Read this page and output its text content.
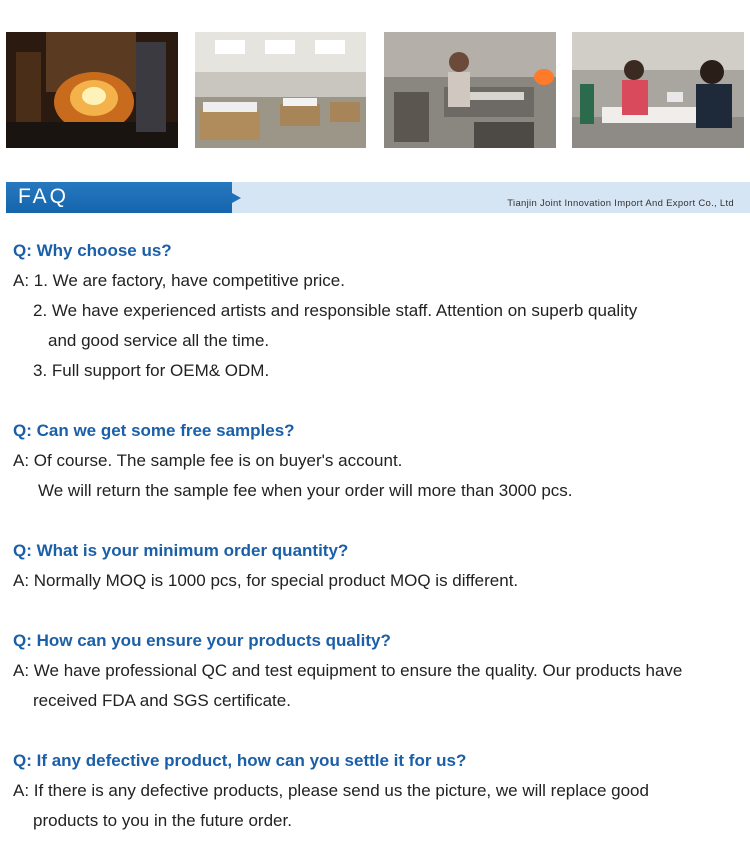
FAQ	Tianjin Joint Innovation Import And Export Co., Ltd

Q: Why choose us?

A: 1. We are factory, have competitive price.

2. We have experienced artists and responsible staff. Attention on superb quality

and good service all the time.

3. Full support for OEM& ODM.

Q: Can we get some free samples?

A: Of course. The sample fee is on buyer's account.

We will return the sample fee when your order will more than 3000 pcs.

Q: What is your minimum order quantity?

A: Normally MOQ is 1000 pcs, for special product MOQ is different.

Q: How can you ensure your products quality?

A: We have professional QC and test equipment to ensure the quality. Our products have

received FDA and SGS certificate.

Q: If any defective product, how can you settle it for us?

A: If there is any defective products, please send us the picture, we will replace good

products to you in the future order.
